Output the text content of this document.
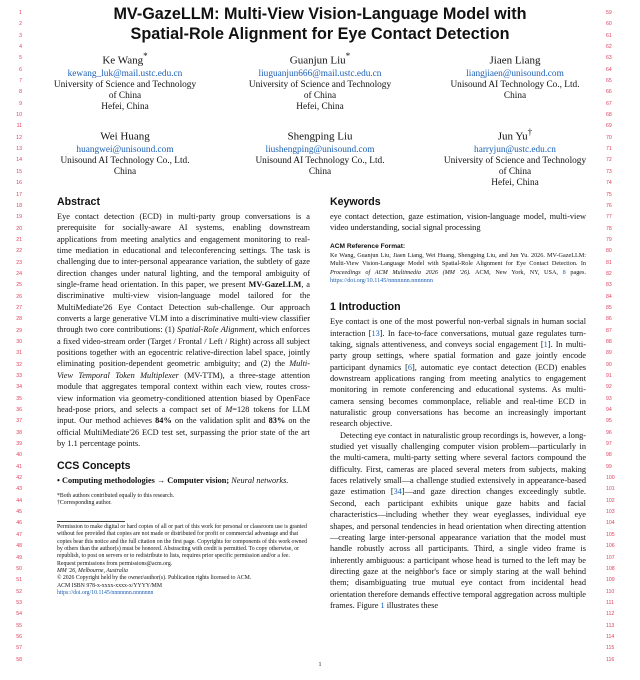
1
2
3
4
5
6
7
8
9
10
11
12
13
14
15
16
17
18
19
20
21
22
23
24
25
26
27
28
29
30
31
32
33
34
35
36
37
38
39
40
41
42
43
44
45
46
47
48
49
50
51
52
53
54
55
56
57
58
59
60
61
62
63
64
65
66
67
68
69
70
71
72
73
74
75
76
77
78
79
80
81
82
83
84
85
86
87
88
89
90
91
92
93
94
95
96
97
98
99
100
101
102
103
104
105
106
107
108
109
110
111
112
113
114
115
116
MV-GazeLLM: Multi-View Vision-Language Model with
Spatial-Role Alignment for Eye Contact Detection
Ke Wang*
kewang_luk@mail.ustc.edu.cn
University of Science and Technology
of China
Hefei, China
Guanjun Liu*
liuguanjun666@mail.ustc.edu.cn
University of Science and Technology
of China
Hefei, China
Jiaen Liang
liangjiaen@unisound.com
Unisound AI Technology Co., Ltd.
China
Wei Huang
huangwei@unisound.com
Unisound AI Technology Co., Ltd.
China
Shengping Liu
liushengping@unisound.com
Unisound AI Technology Co., Ltd.
China
Jun Yu†
harryjun@ustc.edu.cn
University of Science and Technology
of China
Hefei, China
Abstract
Eye contact detection (ECD) in multi-party group conversations is a prerequisite for socially-aware AI systems, enabling downstream applications from meeting analytics and engagement monitoring to real-time mediation in educational and teleconferencing settings. The task is challenging due to inter-personal appearance variation, the subtlety of gaze direction changes under natural lighting, and the temporal ambiguity of single-frame head orientation. In this paper, we present MV-GazeLLM, a discriminative multi-view vision-language model tailored for the MultiMediate'26 Eye Contact Detection sub-challenge. Our approach converts a large generative VLM into a discriminative multi-view classifier through two core contributions: (1) Spatial-Role Alignment, which enforces a fixed video-stream order (Target / Frontal / Left / Right) across all subject positions together with an egocentric relative-direction label space, jointly eliminating position-dependent geometric ambiguity; and (2) the Multi-View Temporal Token Multiplexer (MV-TTM), a three-stage attention module that aggregates temporal context within each view, routes cross-view information via geometry-conditioned attention biased by OpenFace head-pose priors, and selects a compact set of M=128 tokens for LLM input. Our method achieves 84% on the validation split and 83% on the official MultiMediate'26 ECD test set, surpassing the prior state of the art by 1.1 percentage points.
CCS Concepts
• Computing methodologies → Computer vision; Neural networks.
*Both authors contributed equally to this research.
†Corresponding author.
Permission to make digital or hard copies of all or part of this work for personal or classroom use is granted without fee provided that copies are not made or distributed for profit or commercial advantage and that copies bear this notice and the full citation on the first page. Copyrights for components of this work owned by others than the author(s) must be honored. Abstracting with credit is permitted. To copy otherwise, or republish, to post on servers or to redistribute to lists, requires prior specific permission and/or a fee. Request permissions from permissions@acm.org.
MM '26, Melbourne, Australia
© 2026 Copyright held by the owner/author(s). Publication rights licensed to ACM.
ACM ISBN 978-x-xxxx-xxxx-x/YYYY/MM
https://doi.org/10.1145/nnnnnnn.nnnnnnn
Keywords
eye contact detection, gaze estimation, vision-language model, multi-view video understanding, social signal processing
ACM Reference Format:
Ke Wang, Guanjun Liu, Jiaen Liang, Wei Huang, Shengping Liu, and Jun Yu. 2026. MV-GazeLLM: Multi-View Vision-Language Model with Spatial-Role Alignment for Eye Contact Detection. In Proceedings of ACM Multimedia 2026 (MM '26). ACM, New York, NY, USA, 8 pages. https://doi.org/10.1145/nnnnnnn.nnnnnnn
1 Introduction
Eye contact is one of the most powerful non-verbal signals in human social interaction [13]. In face-to-face conversations, mutual gaze regulates turn-taking, signals attentiveness, and conveys social engagement [1]. In multi-party group settings, where spatial formation and gaze jointly encode participant dynamics [6], automatic eye contact detection (ECD) enables downstream applications ranging from meeting analytics to engagement monitoring in remote conferencing and educational systems. As multi-camera sensing becomes commonplace, reliable and real-time ECD in naturalistic group conversations has become an increasingly important research objective.
Detecting eye contact in naturalistic group recordings is, however, a long-studied yet visually challenging computer vision problem—particularly in the multi-camera, multi-party setting where several factors compound the difficulty. First, cameras are placed several meters from subjects, making faces relatively small—a challenge studied extensively in appearance-based gaze estimation [34]—and gaze direction changes exceedingly subtle. Second, each participant exhibits unique gaze habits and facial characteristics—including whether they wear eyeglasses, individual eye shapes, and personal tendencies in head orientation when directing attention—creating large inter-personal appearance variation that the model must handle robustly across all participants. Third, a single video frame is inherently ambiguous: a participant whose head is turned to the left may be directing gaze at the neighbor's face or simply staring at the wall behind them; disambiguating true mutual eye contact from incidental head orientation therefore demands effective temporal aggregation across multiple frames. Figure 1 illustrates these
1
